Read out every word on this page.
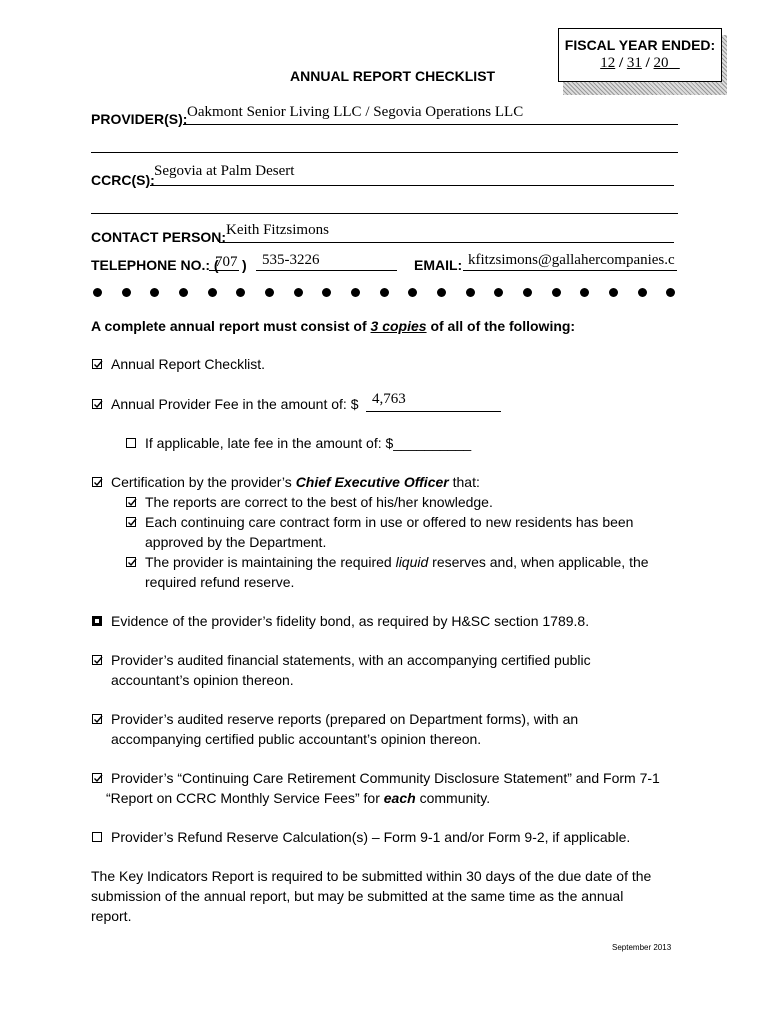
FISCAL YEAR ENDED:
12 / 31 / 20
ANNUAL REPORT CHECKLIST
PROVIDER(S): Oakmont Senior Living LLC / Segovia Operations LLC
CCRC(S):
Segovia at Palm Desert
CONTACT PERSON: Keith Fitzsimons
TELEPHONE NO.: (
707 ) 535-3226	EMAIL: kfitzsimons@gallahercompanies.c
A complete annual report must consist of 3 copies of all of the following:
Annual Report Checklist.
Annual Provider Fee in the amount of: $ 4,763
If applicable, late fee in the amount of: $__________
Certification by the provider’s Chief Executive Officer that:
The reports are correct to the best of his/her knowledge.
Each continuing care contract form in use or offered to new residents has been
approved by the Department.
The provider is maintaining the required liquid reserves and, when applicable, the
required refund reserve.
Evidence of the provider’s fidelity bond, as required by H&SC section 1789.8.
Provider’s audited financial statements, with an accompanying certified public
accountant’s opinion thereon.
Provider’s audited reserve reports (prepared on Department forms), with an
accompanying certified public accountant’s opinion thereon.
Provider’s “Continuing Care Retirement Community Disclosure Statement” and Form 7-1
“Report on CCRC Monthly Service Fees” for each community.
Provider’s Refund Reserve Calculation(s) – Form 9-1 and/or Form 9-2, if applicable.
The Key Indicators Report is required to be submitted within 30 days of the due date of the
submission of the annual report, but may be submitted at the same time as the annual
report.
September 2013
